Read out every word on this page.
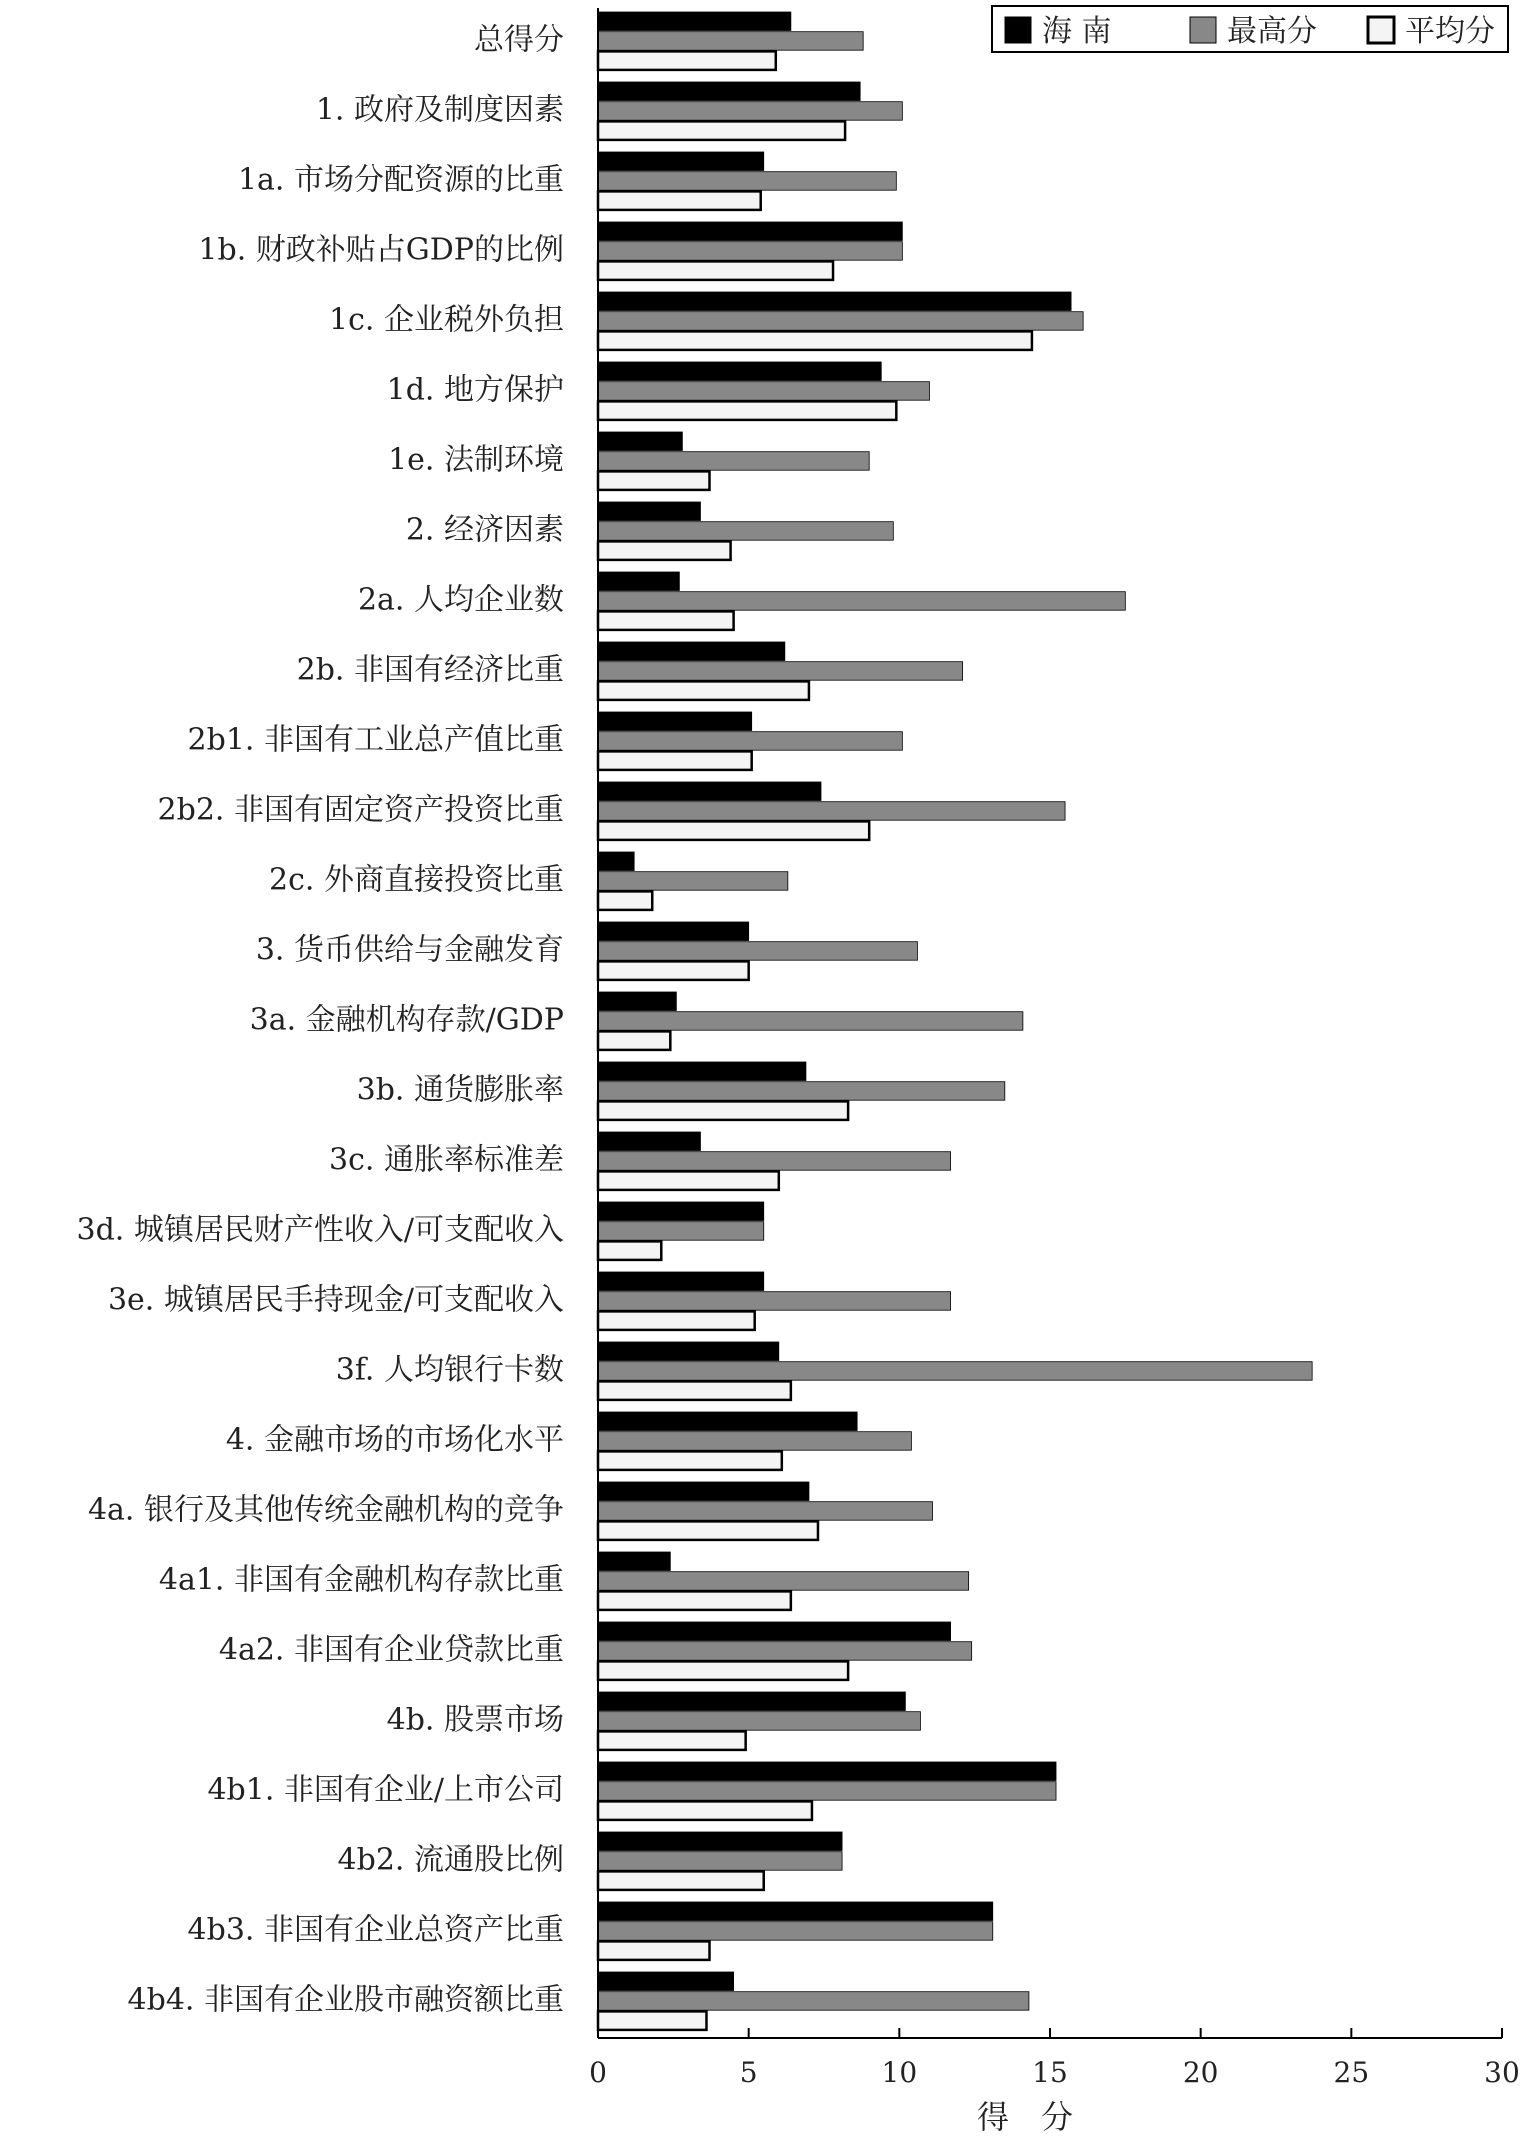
总得分
1. 政府及制度因素
1a. 市场分配资源的比重
1b. 财政补贴占GDP的比例
1c. 企业税外负担
1d. 地方保护
1e. 法制环境
2. 经济因素
2a. 人均企业数
2b. 非国有经济比重
2b1. 非国有工业总产值比重
2b2. 非国有固定资产投资比重
2c. 外商直接投资比重
3. 货币供给与金融发育
3a. 金融机构存款/GDP
3b. 通货膨胀率
3c. 通胀率标准差
3d. 城镇居民财产性收入/可支配收入
3e. 城镇居民手持现金/可支配收入
3f. 人均银行卡数
4. 金融市场的市场化水平
4a. 银行及其他传统金融机构的竞争
4a1. 非国有金融机构存款比重
4a2. 非国有企业贷款比重
4b. 股票市场
4b1. 非国有企业/上市公司
4b2. 流通股比例
4b3. 非国有企业总资产比重
4b4. 非国有企业股市融资额比重
0	5	10	15	20	25	30
海 南	最高分	平均分
得　分
